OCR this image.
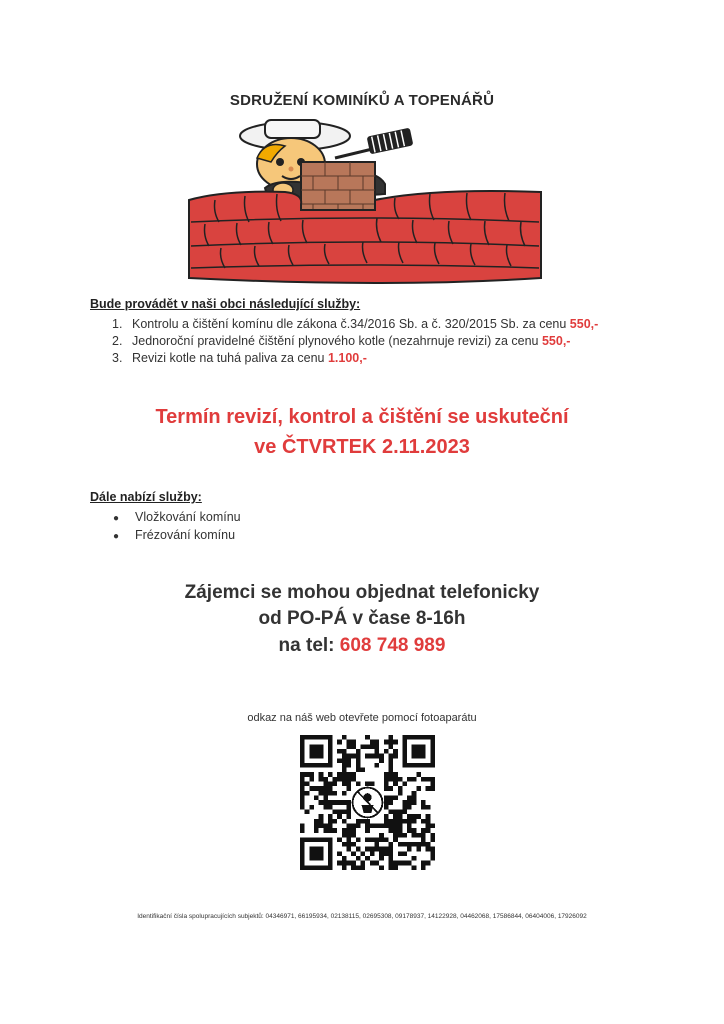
SDRUŽENÍ KOMINÍKŮ A TOPENÁŘŮ
Bude provádět v naši obci následující služby:
1. Kontrolu a čištění komínu dle zákona č.34/2016 Sb. a č. 320/2015 Sb. za cenu 550,-
2. Jednoroční pravidelné čištění plynového kotle (nezahrnuje revizi) za cenu 550,-
3. Revizi kotle na tuhá paliva za cenu 1.100,-
Termín revizí, kontrol a čištění se uskuteční
ve ČTVRTEK 2.11.2023
Dále nabízí služby:
● Vložkování komínu
● Frézování komínu
Zájemci se mohou objednat telefonicky
od PO-PÁ v čase 8-16h
na tel: 608 748 989
odkaz na náš web otevřete pomocí fotoaparátu
Identifikační čísla spolupracujících subjektů: 04346971, 66195934, 02138115, 02695308, 09178937, 14122928, 04462068, 17586844, 06404006, 17926092
